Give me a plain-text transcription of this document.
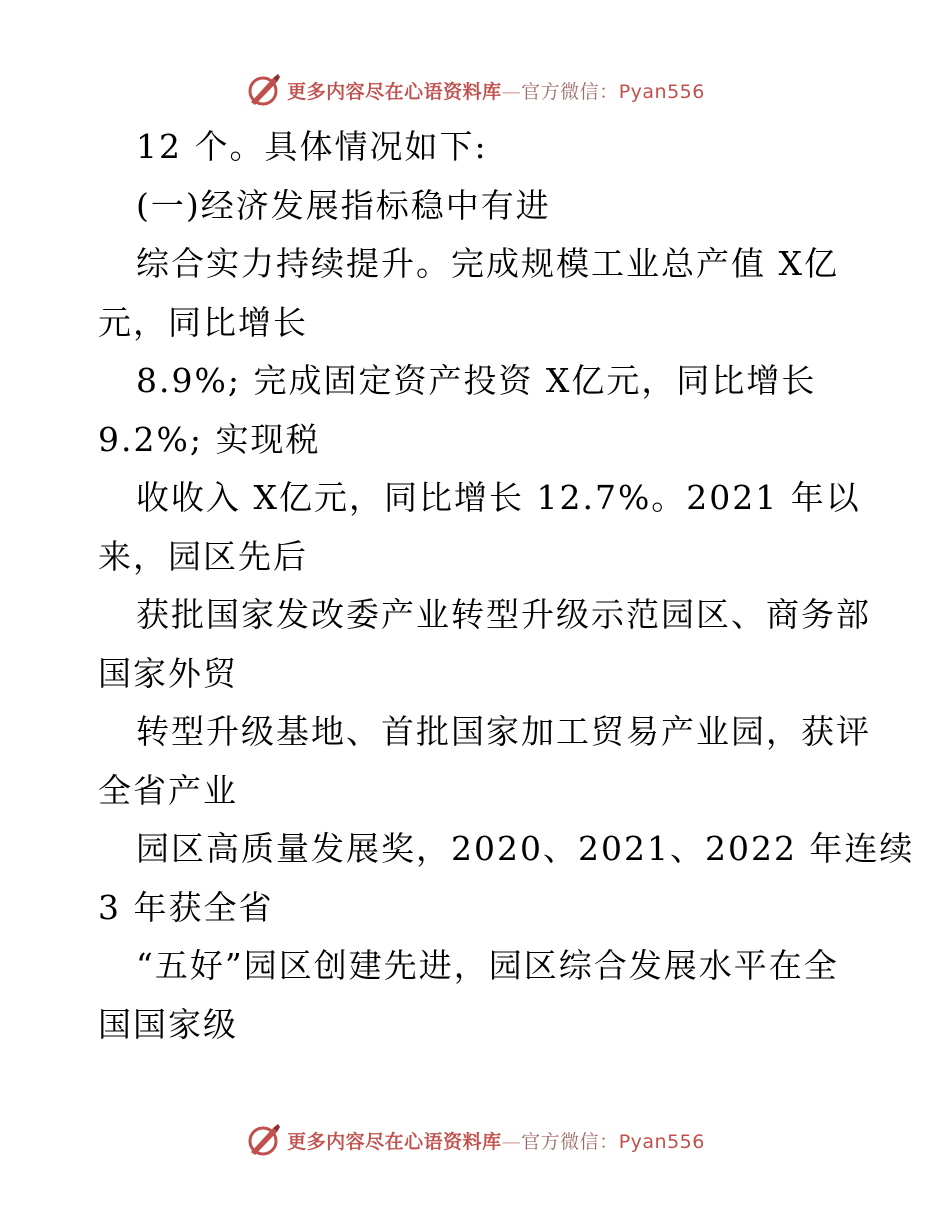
更多内容尽在心语资料库—官方微信：Pyan556
12 个。具体情况如下:
(一)经济发展指标稳中有进
综合实力持续提升。完成规模工业总产值 X亿
元，同比增长
8.9%; 完成固定资产投资 X亿元，同比增长
9.2%; 实现税
收收入 X亿元，同比增长 12.7%。2021 年以
来，园区先后
获批国家发改委产业转型升级示范园区、商务部
国家外贸
转型升级基地、首批国家加工贸易产业园，获评
全省产业
园区高质量发展奖，2020、2021、2022 年连续
3 年获全省
“五好”园区创建先进，园区综合发展水平在全
国国家级
更多内容尽在心语资料库—官方微信：Pyan556
